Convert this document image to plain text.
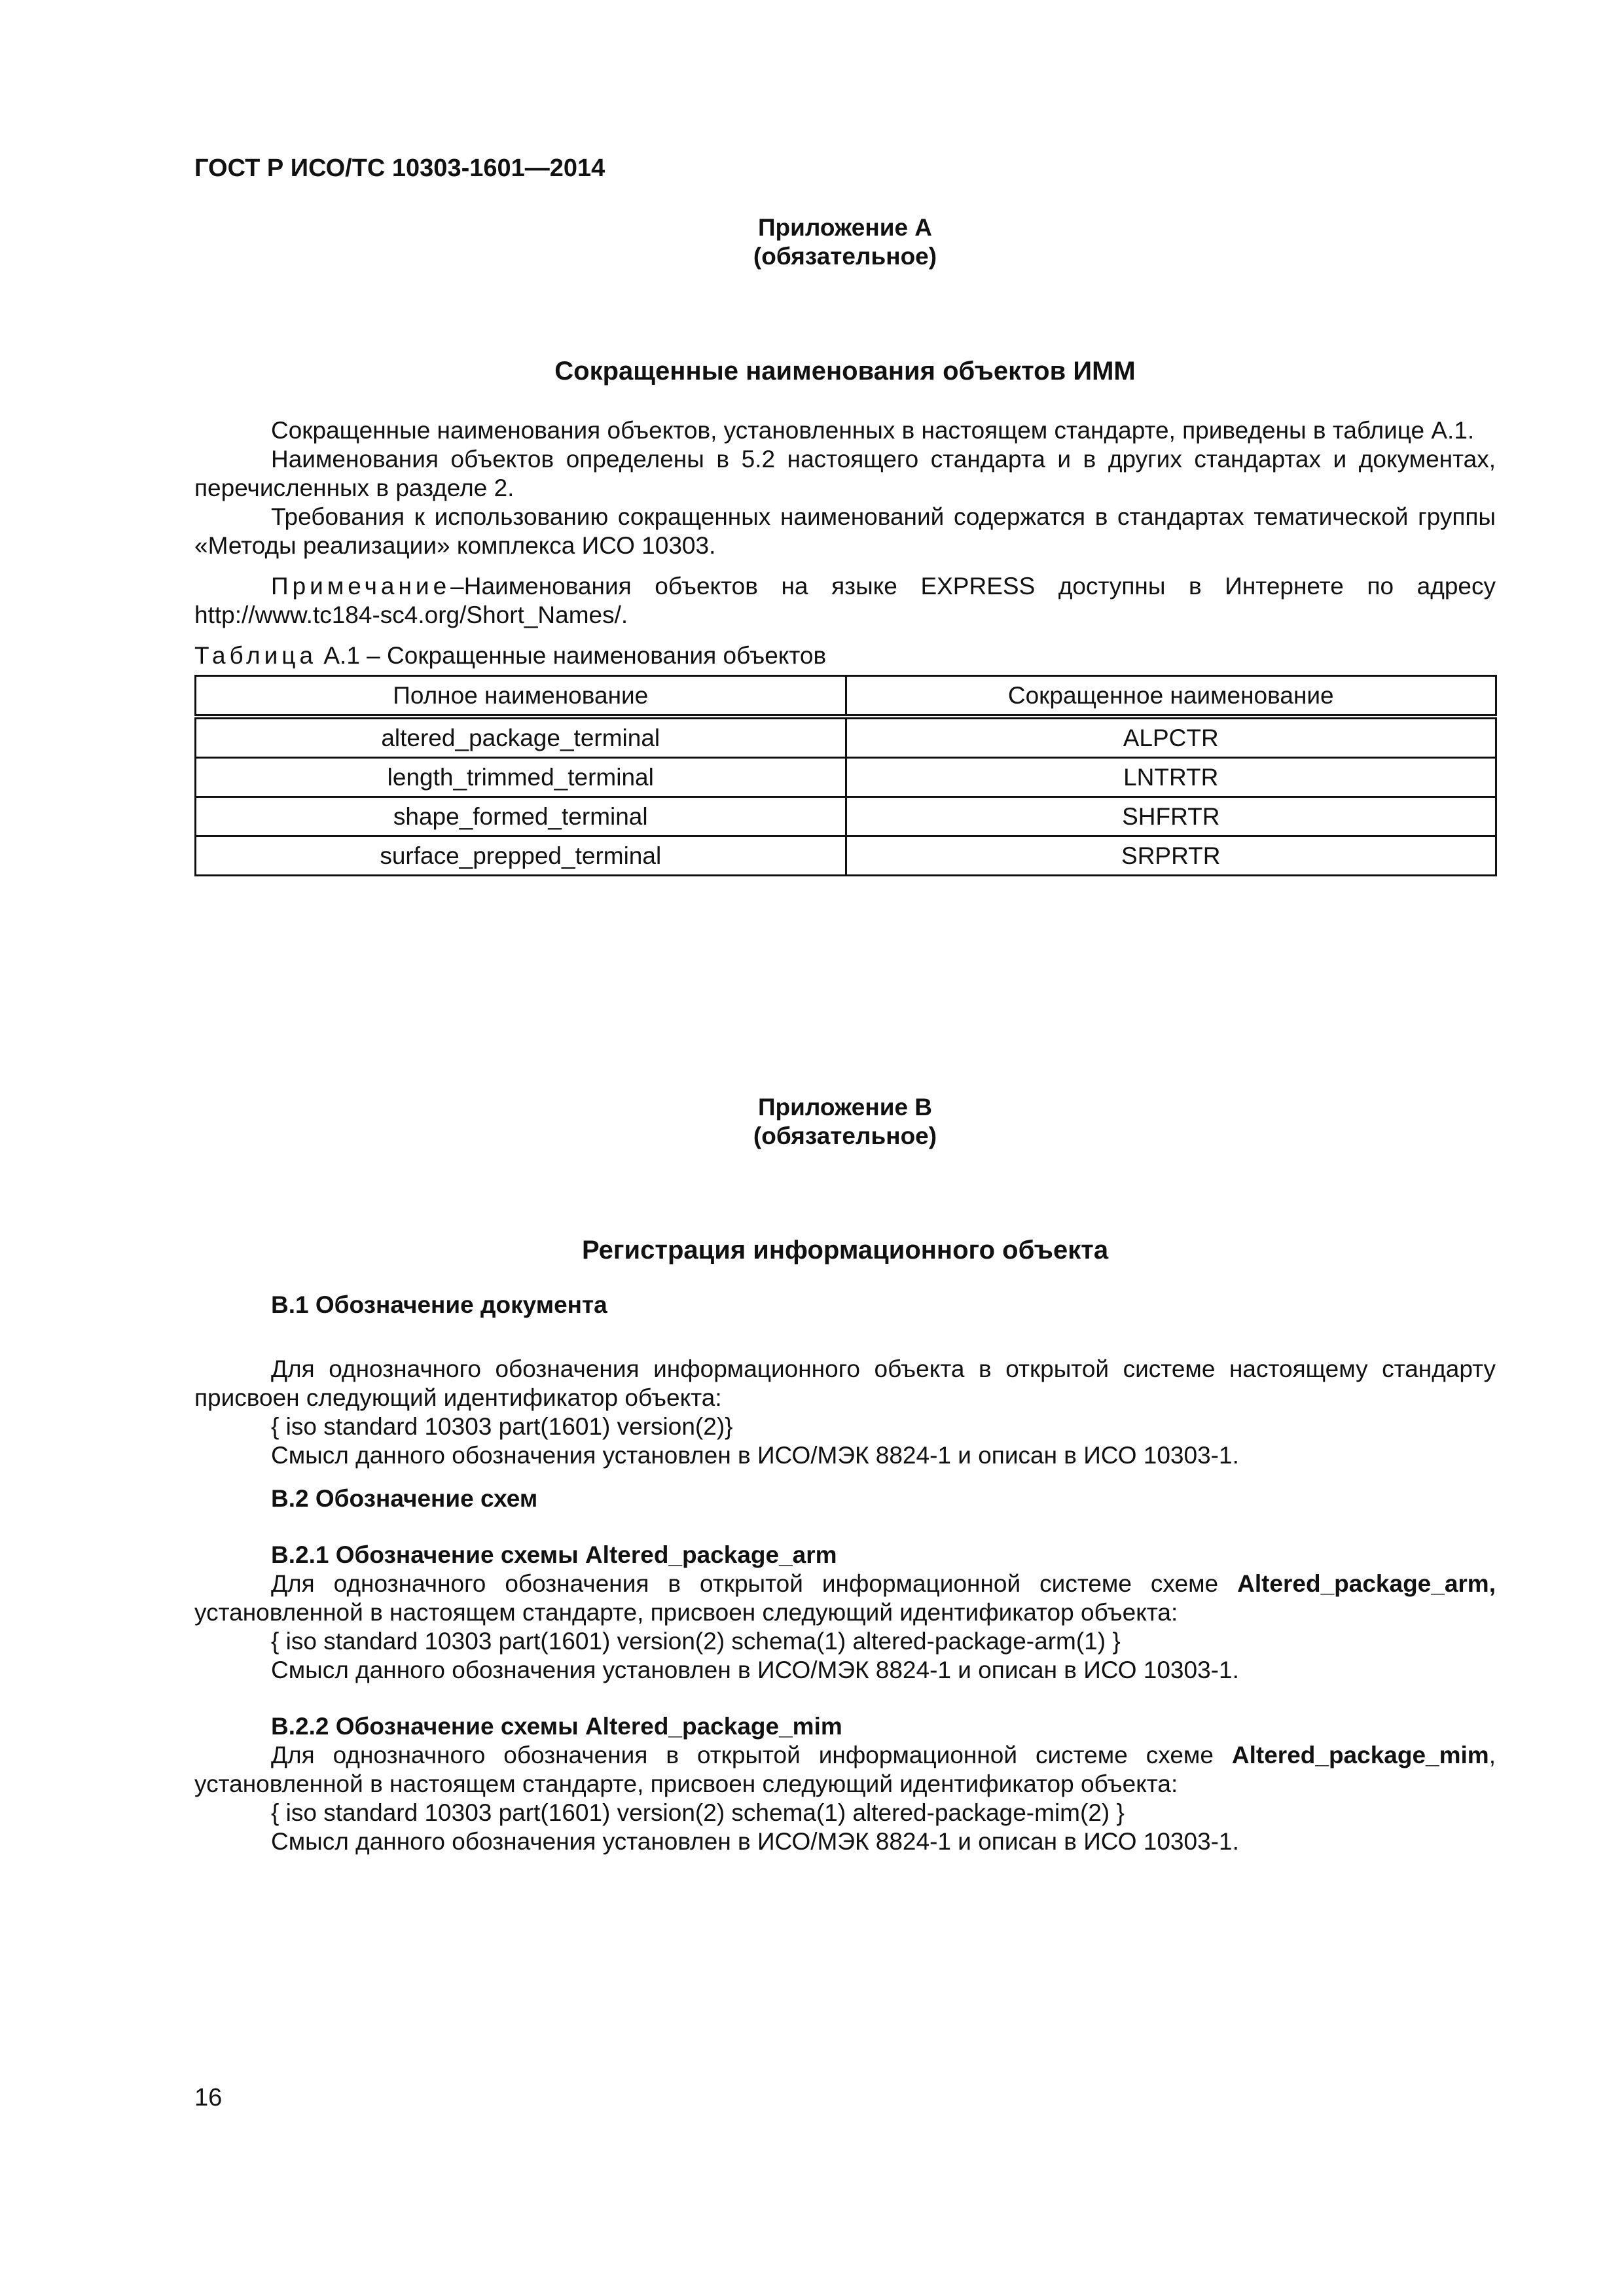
ГОСТ Р ИСО/ТС 10303-1601—2014
Приложение А
(обязательное)
Сокращенные наименования объектов ИММ

Сокращенные наименования объектов, установленных в настоящем стандарте, приведены в таблице А.1.

Наименования объектов определены в 5.2 настоящего стандарта и в других стандартах и документах, перечисленных в разделе 2.

Требования к использованию сокращенных наименований содержатся в стандартах тематической группы «Методы реализации» комплекса ИСО 10303.

Примечание–Наименования объектов на языке EXPRESS доступны в Интернете по адресу

http://www.tc184-sc4.org/Short_Names/.

Таблица А.1 – Сокращенные наименования объектов
Полное наименование	Сокращенное наименование
altered_package_terminal	ALPCTR
length_trimmed_terminal	LNTRTR
shape_formed_terminal	SHFRTR
surface_prepped_terminal	SRPRTR
Приложение В
(обязательное)
Регистрация информационного объекта

В.1 Обозначение документа

Для однозначного обозначения информационного объекта в открытой системе настоящему стандарту присвоен следующий идентификатор объекта:

{ iso standard 10303 part(1601) version(2)}

Смысл данного обозначения установлен в ИСО/МЭК 8824-1 и описан в ИСО 10303-1.

В.2 Обозначение схем

В.2.1 Обозначение схемы Altered_package_arm

Для однозначного обозначения в открытой информационной системе схеме Altered_package_arm, установленной в настоящем стандарте, присвоен следующий идентификатор объекта:

{ iso standard 10303 part(1601) version(2) schema(1) altered-package-arm(1) }

Смысл данного обозначения установлен в ИСО/МЭК 8824-1 и описан в ИСО 10303-1.

В.2.2 Обозначение схемы Altered_package_mim

Для однозначного обозначения в открытой информационной системе схеме Altered_package_mim, установленной в настоящем стандарте, присвоен следующий идентификатор объекта:

{ iso standard 10303 part(1601) version(2) schema(1) altered-package-mim(2) }

Смысл данного обозначения установлен в ИСО/МЭК 8824-1 и описан в ИСО 10303-1.

16
